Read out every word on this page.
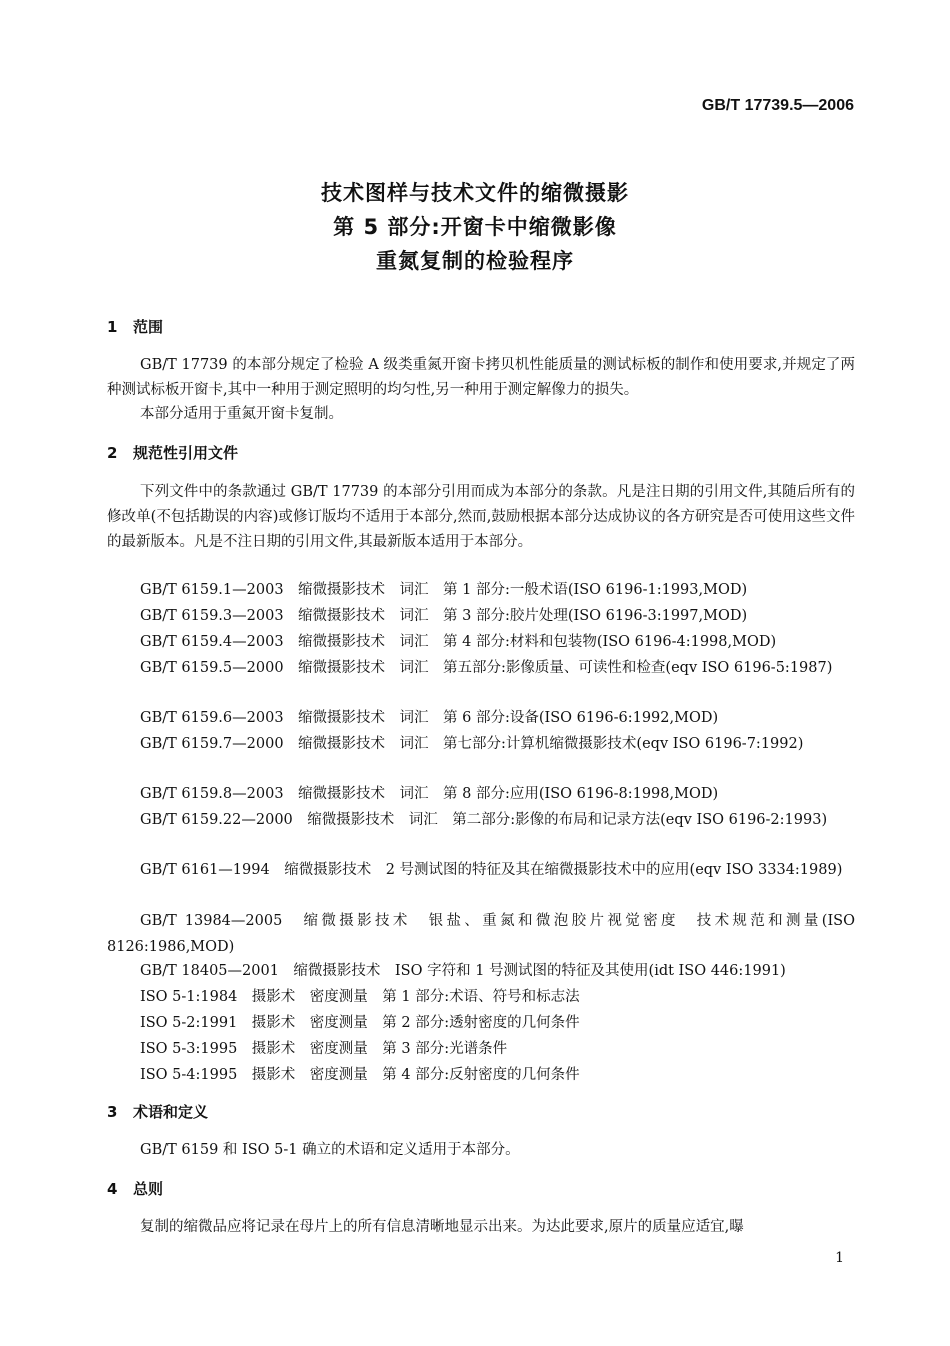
GB/T 17739.5—2006
技术图样与技术文件的缩微摄影
第 5 部分:开窗卡中缩微影像
重氮复制的检验程序
1 范围
GB/T 17739 的本部分规定了检验 A 级类重氮开窗卡拷贝机性能质量的测试标板的制作和使用要求,并规定了两种测试标板开窗卡,其中一种用于测定照明的均匀性,另一种用于测定解像力的损失。
本部分适用于重氮开窗卡复制。
2 规范性引用文件
下列文件中的条款通过 GB/T 17739 的本部分引用而成为本部分的条款。凡是注日期的引用文件,其随后所有的修改单(不包括勘误的内容)或修订版均不适用于本部分,然而,鼓励根据本部分达成协议的各方研究是否可使用这些文件的最新版本。凡是不注日期的引用文件,其最新版本适用于本部分。
GB/T 6159.1—2003　缩微摄影技术　词汇　第 1 部分:一般术语(ISO 6196-1:1993,MOD)
GB/T 6159.3—2003　缩微摄影技术　词汇　第 3 部分:胶片处理(ISO 6196-3:1997,MOD)
GB/T 6159.4—2003　缩微摄影技术　词汇　第 4 部分:材料和包装物(ISO 6196-4:1998,MOD)
GB/T 6159.5—2000　缩微摄影技术　词汇　第五部分:影像质量、可读性和检查(eqv ISO 6196-5:1987)
GB/T 6159.6—2003　缩微摄影技术　词汇　第 6 部分:设备(ISO 6196-6:1992,MOD)
GB/T 6159.7—2000　缩微摄影技术　词汇　第七部分:计算机缩微摄影技术(eqv ISO 6196-7:1992)
GB/T 6159.8—2003　缩微摄影技术　词汇　第 8 部分:应用(ISO 6196-8:1998,MOD)
GB/T 6159.22—2000　缩微摄影技术　词汇　第二部分:影像的布局和记录方法(eqv ISO 6196-2:1993)
GB/T 6161—1994　缩微摄影技术　2 号测试图的特征及其在缩微摄影技术中的应用(eqv ISO 3334:1989)
GB/T 13984—2005　缩微摄影技术　银盐、重氮和微泡胶片视觉密度　技术规范和测量(ISO 8126:1986,MOD)
GB/T 18405—2001　缩微摄影技术　ISO 字符和 1 号测试图的特征及其使用(idt ISO 446:1991)
ISO 5-1:1984　摄影术　密度测量　第 1 部分:术语、符号和标志法
ISO 5-2:1991　摄影术　密度测量　第 2 部分:透射密度的几何条件
ISO 5-3:1995　摄影术　密度测量　第 3 部分:光谱条件
ISO 5-4:1995　摄影术　密度测量　第 4 部分:反射密度的几何条件
3 术语和定义
GB/T 6159 和 ISO 5-1 确立的术语和定义适用于本部分。
4 总则
复制的缩微品应将记录在母片上的所有信息清晰地显示出来。为达此要求,原片的质量应适宜,曝
1
